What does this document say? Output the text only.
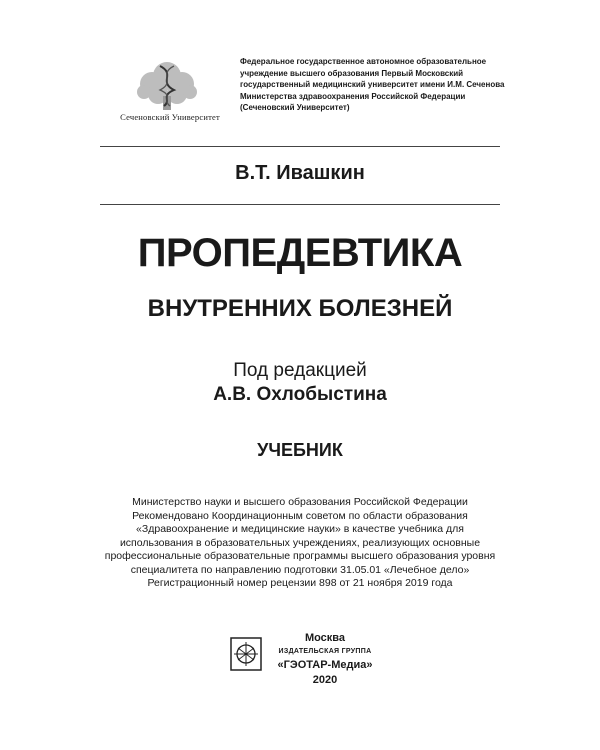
Сеченовский Университет
Федеральное государственное автономное образовательное
учреждение высшего образования Первый Московский
государственный медицинский университет имени И.М. Сеченова
Министерства здравоохранения Российской Федерации
(Сеченовский Университет)
В.Т. Ивашкин
ПРОПЕДЕВТИКА
ВНУТРЕННИХ БОЛЕЗНЕЙ
Под редакцией
А.В. Охлобыстина
УЧЕБНИК
Министерство науки и высшего образования Российской Федерации
Рекомендовано Координационным советом по области образования
«Здравоохранение и медицинские науки» в качестве учебника для
использования в образовательных учреждениях, реализующих основные
профессиональные образовательные программы высшего образования уровня
специалитета по направлению подготовки 31.05.01 «Лечебное дело»
Регистрационный номер рецензии 898 от 21 ноября 2019 года
Москва
ИЗДАТЕЛЬСКАЯ ГРУППА
«ГЭОТАР-Медиа»
2020
